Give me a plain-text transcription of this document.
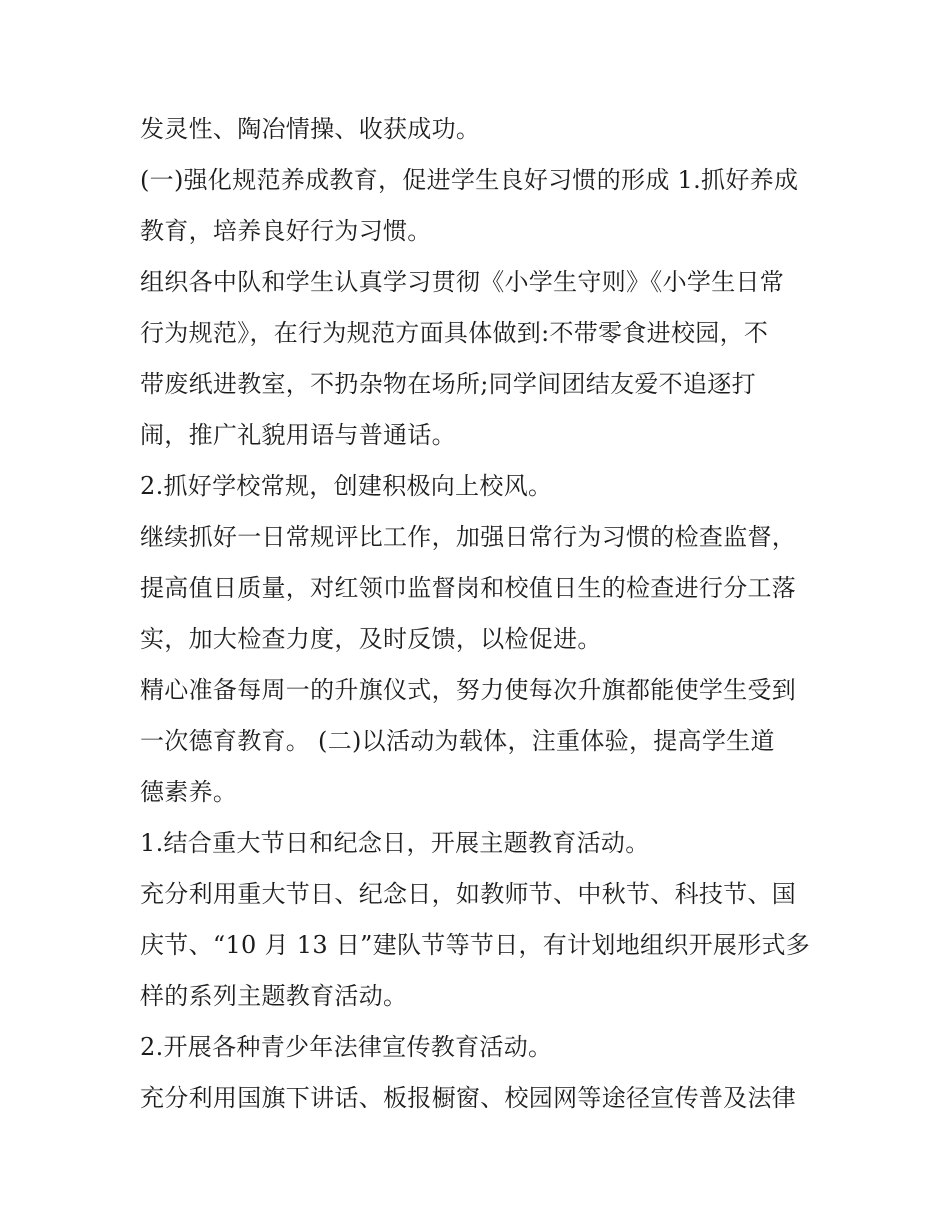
发灵性、陶冶情操、收获成功。
(一)强化规范养成教育，促进学生良好习惯的形成 1.抓好养成
教育，培养良好行为习惯。
组织各中队和学生认真学习贯彻《小学生守则》《小学生日常
行为规范》，在行为规范方面具体做到:不带零食进校园，不
带废纸进教室，不扔杂物在场所;同学间团结友爱不追逐打
闹，推广礼貌用语与普通话。
2.抓好学校常规，创建积极向上校风。
继续抓好一日常规评比工作，加强日常行为习惯的检查监督，
提高值日质量，对红领巾监督岗和校值日生的检查进行分工落
实，加大检查力度，及时反馈，以检促进。
精心准备每周一的升旗仪式，努力使每次升旗都能使学生受到
一次德育教育。 (二)以活动为载体，注重体验，提高学生道
德素养。
1.结合重大节日和纪念日，开展主题教育活动。
充分利用重大节日、纪念日，如教师节、中秋节、科技节、国
庆节、“10 月 13 日”建队节等节日，有计划地组织开展形式多
样的系列主题教育活动。
2.开展各种青少年法律宣传教育活动。
充分利用国旗下讲话、板报橱窗、校园网等途径宣传普及法律
